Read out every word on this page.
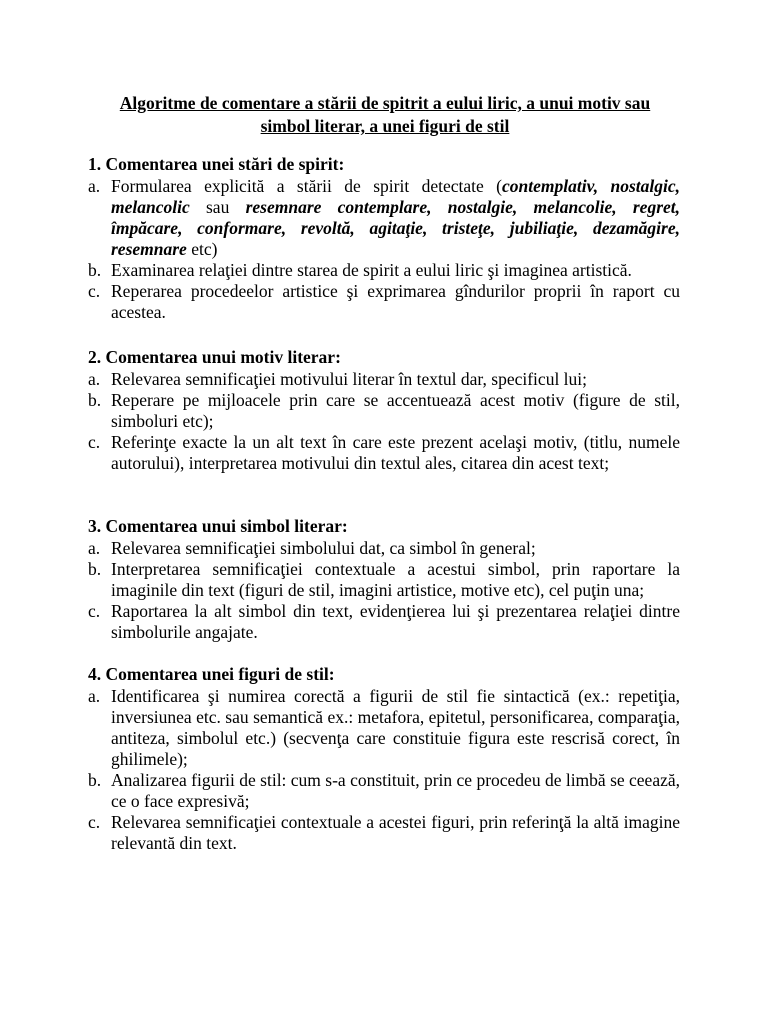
Algoritme de comentare a stării de spitrit a eului liric, a unui motiv sau
simbol literar, a unei figuri de stil
1. Comentarea unei stări de spirit:
a. Formularea explicită a stării de spirit detectate (contemplativ, nostalgic, melancolic sau resemnare contemplare, nostalgie, melancolie, regret, împăcare, conformare, revoltă, agitaţie, tristeţe, jubiliaţie, dezamăgire, resemnare etc)
b. Examinarea relaţiei dintre starea de spirit a eului liric şi imaginea artistică.
c. Reperarea procedeelor artistice şi exprimarea gîndurilor proprii în raport cu acestea.
2. Comentarea unui motiv literar:
a. Relevarea semnificaţiei motivului literar în textul dar, specificul lui;
b. Reperare pe mijloacele prin care se accentuează acest motiv (figure de stil, simboluri etc);
c. Referinţe exacte la un alt text în care este prezent acelaşi motiv, (titlu, numele autorului), interpretarea motivului din textul ales, citarea din acest text;
3. Comentarea unui simbol literar:
a. Relevarea semnificaţiei simbolului dat, ca simbol în general;
b. Interpretarea semnificaţiei contextuale a acestui simbol, prin raportare la imaginile din text (figuri de stil, imagini artistice, motive etc), cel puţin una;
c. Raportarea la alt simbol din text, evidenţierea lui şi prezentarea relaţiei dintre simbolurile angajate.
4. Comentarea unei figuri de stil:
a. Identificarea şi numirea corectă a figurii de stil fie sintactică (ex.: repetiţia, inversiunea etc. sau semantică ex.: metafora, epitetul, personificarea, comparaţia, antiteza, simbolul etc.) (secvenţa care constituie figura este rescrisă corect, în ghilimele);
b. Analizarea figurii de stil: cum s-a constituit, prin ce procedeu de limbă se ceează, ce o face expresivă;
c. Relevarea semnificaţiei contextuale a acestei figuri, prin referinţă la altă imagine relevantă din text.
